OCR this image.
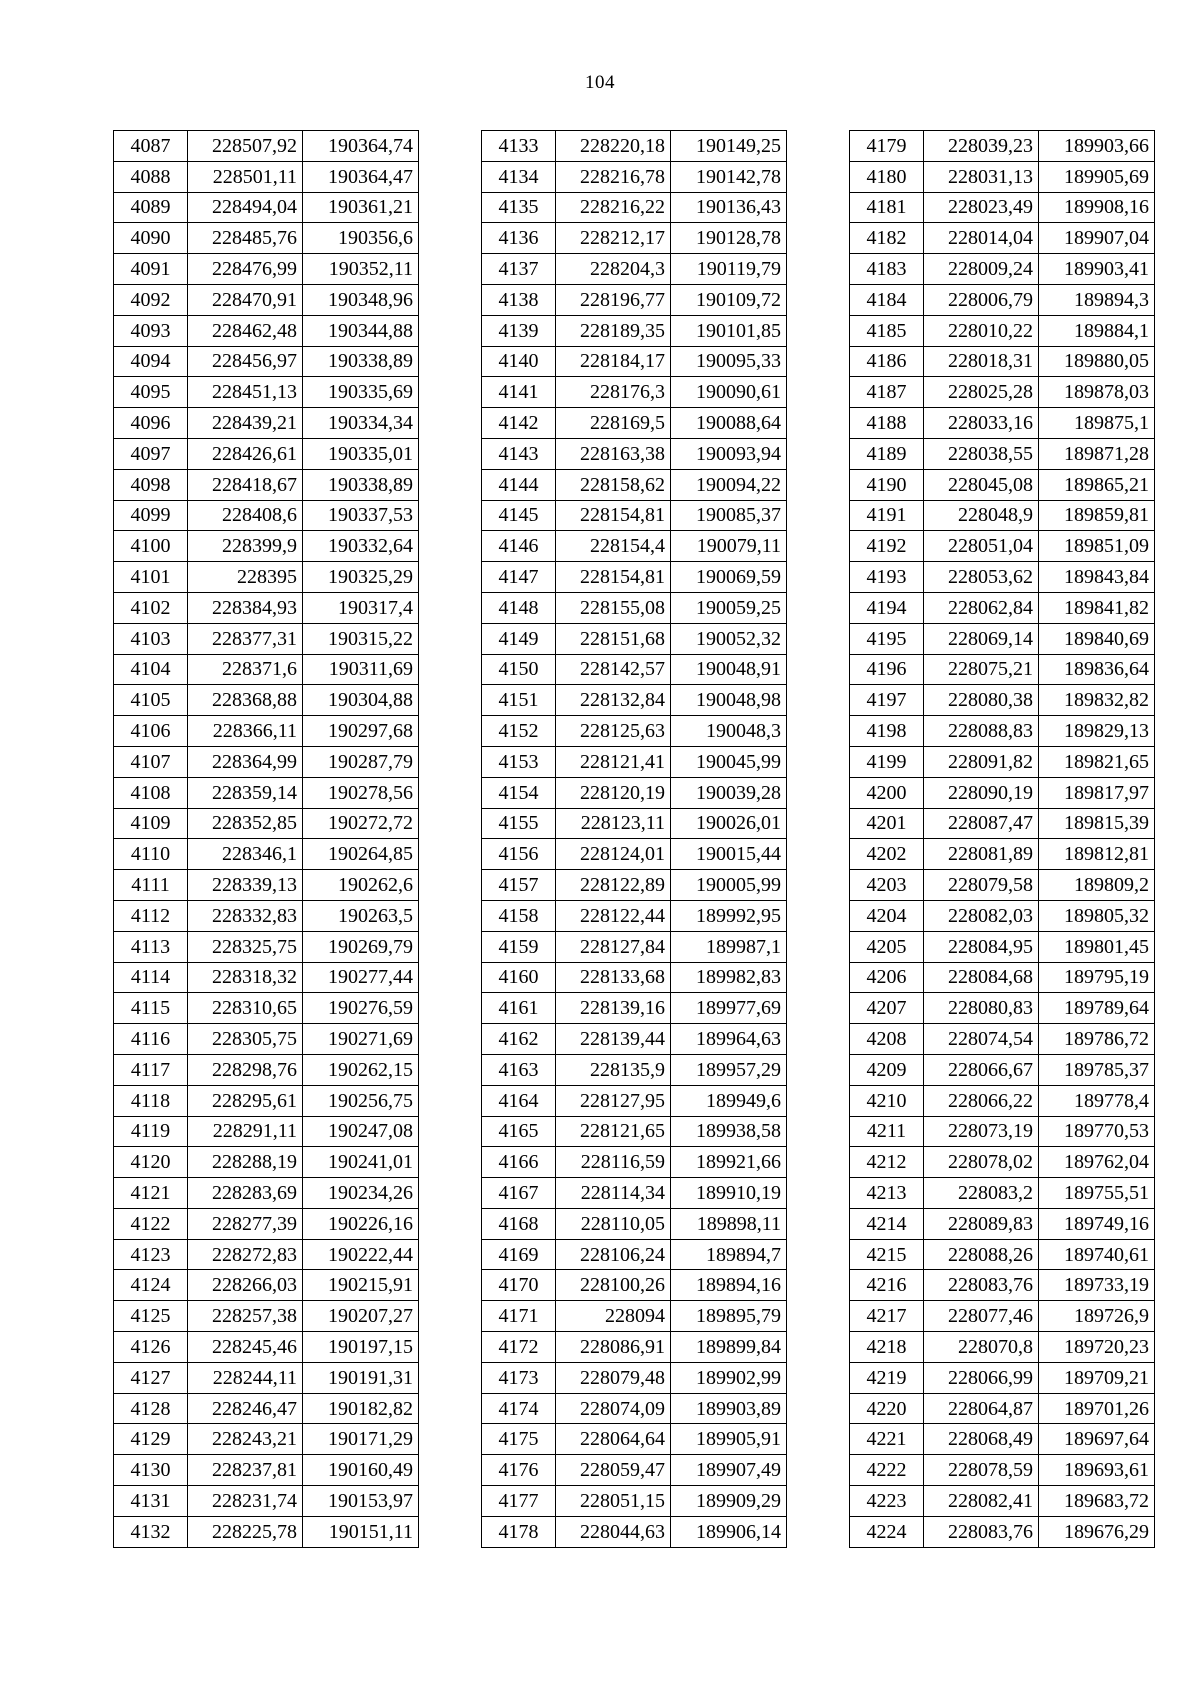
104
4087	228507,92	190364,74
4088	228501,11	190364,47
4089	228494,04	190361,21
4090	228485,76	190356,6
4091	228476,99	190352,11
4092	228470,91	190348,96
4093	228462,48	190344,88
4094	228456,97	190338,89
4095	228451,13	190335,69
4096	228439,21	190334,34
4097	228426,61	190335,01
4098	228418,67	190338,89
4099	228408,6	190337,53
4100	228399,9	190332,64
4101	228395	190325,29
4102	228384,93	190317,4
4103	228377,31	190315,22
4104	228371,6	190311,69
4105	228368,88	190304,88
4106	228366,11	190297,68
4107	228364,99	190287,79
4108	228359,14	190278,56
4109	228352,85	190272,72
4110	228346,1	190264,85
4111	228339,13	190262,6
4112	228332,83	190263,5
4113	228325,75	190269,79
4114	228318,32	190277,44
4115	228310,65	190276,59
4116	228305,75	190271,69
4117	228298,76	190262,15
4118	228295,61	190256,75
4119	228291,11	190247,08
4120	228288,19	190241,01
4121	228283,69	190234,26
4122	228277,39	190226,16
4123	228272,83	190222,44
4124	228266,03	190215,91
4125	228257,38	190207,27
4126	228245,46	190197,15
4127	228244,11	190191,31
4128	228246,47	190182,82
4129	228243,21	190171,29
4130	228237,81	190160,49
4131	228231,74	190153,97
4132	228225,78	190151,11
4133	228220,18	190149,25
4134	228216,78	190142,78
4135	228216,22	190136,43
4136	228212,17	190128,78
4137	228204,3	190119,79
4138	228196,77	190109,72
4139	228189,35	190101,85
4140	228184,17	190095,33
4141	228176,3	190090,61
4142	228169,5	190088,64
4143	228163,38	190093,94
4144	228158,62	190094,22
4145	228154,81	190085,37
4146	228154,4	190079,11
4147	228154,81	190069,59
4148	228155,08	190059,25
4149	228151,68	190052,32
4150	228142,57	190048,91
4151	228132,84	190048,98
4152	228125,63	190048,3
4153	228121,41	190045,99
4154	228120,19	190039,28
4155	228123,11	190026,01
4156	228124,01	190015,44
4157	228122,89	190005,99
4158	228122,44	189992,95
4159	228127,84	189987,1
4160	228133,68	189982,83
4161	228139,16	189977,69
4162	228139,44	189964,63
4163	228135,9	189957,29
4164	228127,95	189949,6
4165	228121,65	189938,58
4166	228116,59	189921,66
4167	228114,34	189910,19
4168	228110,05	189898,11
4169	228106,24	189894,7
4170	228100,26	189894,16
4171	228094	189895,79
4172	228086,91	189899,84
4173	228079,48	189902,99
4174	228074,09	189903,89
4175	228064,64	189905,91
4176	228059,47	189907,49
4177	228051,15	189909,29
4178	228044,63	189906,14
4179	228039,23	189903,66
4180	228031,13	189905,69
4181	228023,49	189908,16
4182	228014,04	189907,04
4183	228009,24	189903,41
4184	228006,79	189894,3
4185	228010,22	189884,1
4186	228018,31	189880,05
4187	228025,28	189878,03
4188	228033,16	189875,1
4189	228038,55	189871,28
4190	228045,08	189865,21
4191	228048,9	189859,81
4192	228051,04	189851,09
4193	228053,62	189843,84
4194	228062,84	189841,82
4195	228069,14	189840,69
4196	228075,21	189836,64
4197	228080,38	189832,82
4198	228088,83	189829,13
4199	228091,82	189821,65
4200	228090,19	189817,97
4201	228087,47	189815,39
4202	228081,89	189812,81
4203	228079,58	189809,2
4204	228082,03	189805,32
4205	228084,95	189801,45
4206	228084,68	189795,19
4207	228080,83	189789,64
4208	228074,54	189786,72
4209	228066,67	189785,37
4210	228066,22	189778,4
4211	228073,19	189770,53
4212	228078,02	189762,04
4213	228083,2	189755,51
4214	228089,83	189749,16
4215	228088,26	189740,61
4216	228083,76	189733,19
4217	228077,46	189726,9
4218	228070,8	189720,23
4219	228066,99	189709,21
4220	228064,87	189701,26
4221	228068,49	189697,64
4222	228078,59	189693,61
4223	228082,41	189683,72
4224	228083,76	189676,29
